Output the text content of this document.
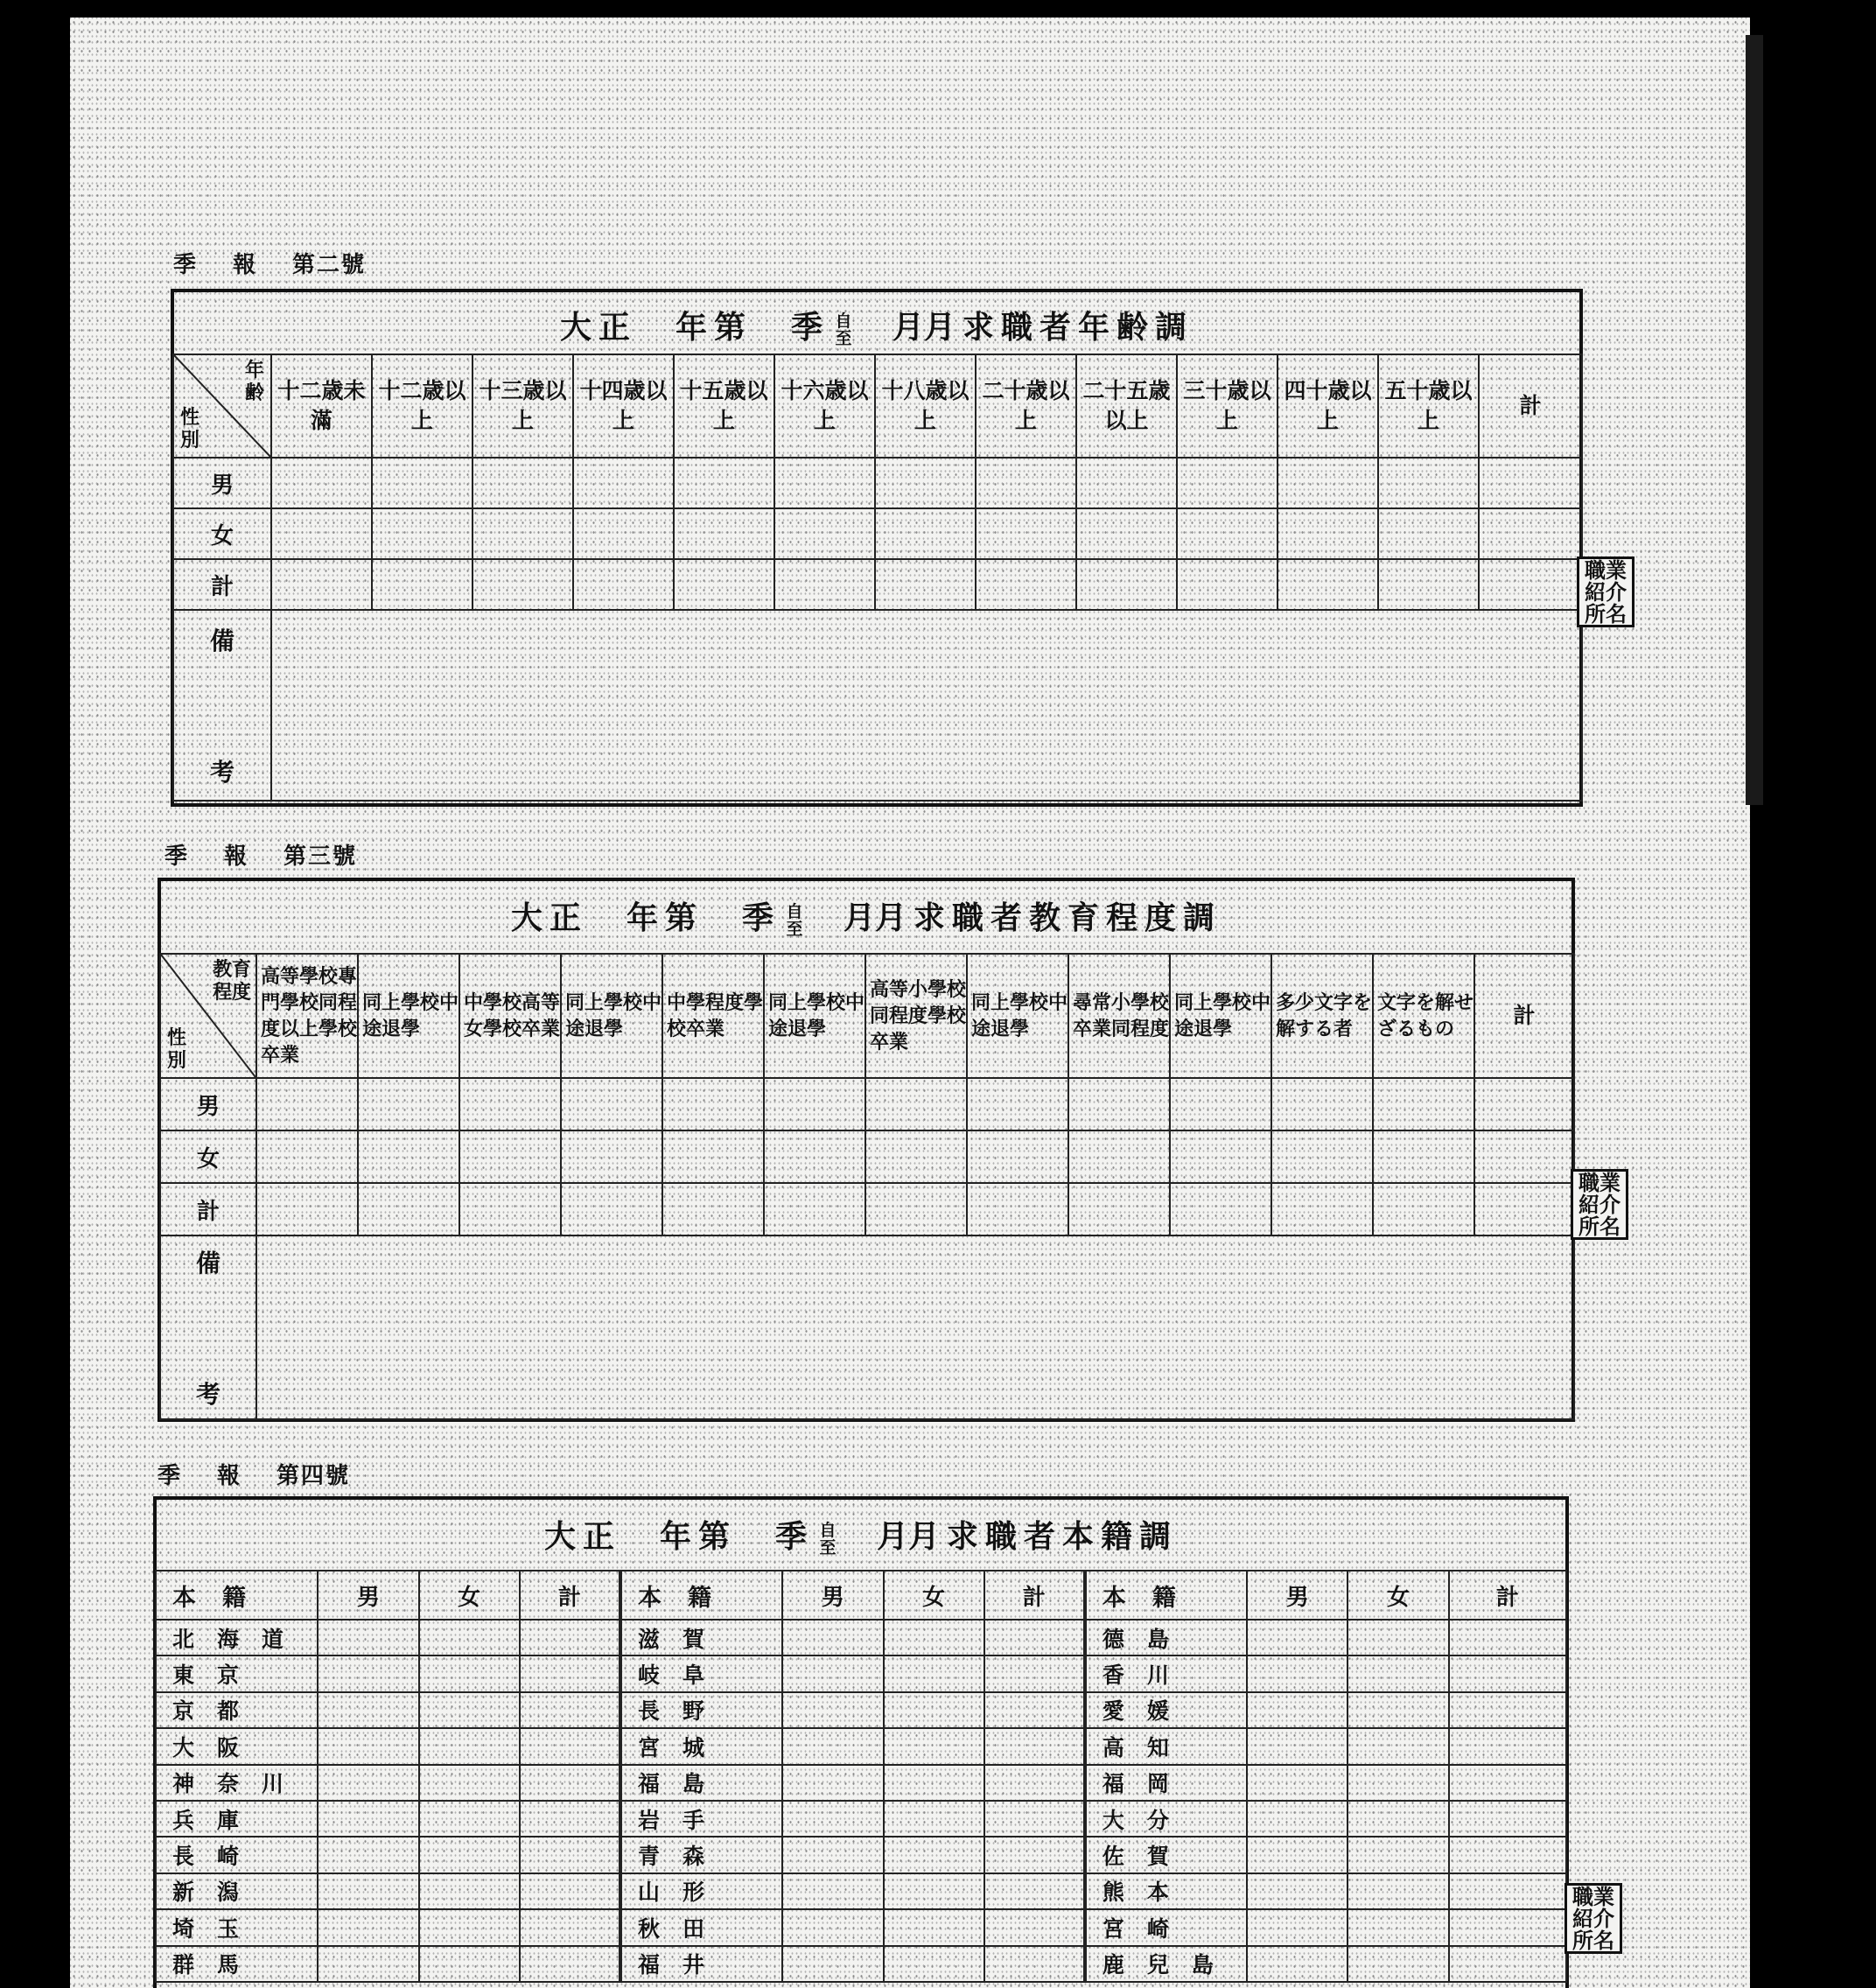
季 報 第二號
大正　年第　季 自
至 月月求職者年齢調
年齢
性別	十二歳未滿	十二歳以上	十三歳以上	十四歳以上	十五歳以上	十六歳以上	十八歳以上	二十歳以上	二十五歳以上	三十歳以上	四十歳以上	五十歳以上	計
男													
女													
計													

備
考													

職業紹介所名
季 報 第三號
大正　年第　季 自
至 月月求職者教育程度調
教育程度
性別	高等學校專門學校同程度以上學校卒業	同上學校中途退學	中學校高等女學校卒業	同上學校中途退學	中學程度學校卒業	同上學校中途退學	高等小學校同程度學校卒業	同上學校中途退學	尋常小學校卒業同程度	同上學校中途退學	多少文字を解する者	文字を解せざるもの	計
男													
女													
計													

備
考													

職業紹介所名
季 報 第四號
大正　年第　季 自
至 月月求職者本籍調
本籍	男	女	計	本籍	男	女	計	本籍	男	女	計
北海道				滋賀				德島			
東京				岐阜				香川			
京都				長野				愛媛			
大阪				宮城				高知			
神奈川				福島				福岡			
兵庫				岩手				大分			
長崎				青森				佐賀			
新潟				山形				熊本			
埼玉				秋田				宮崎			
群馬				福井				鹿兒島			
職業紹介所名
